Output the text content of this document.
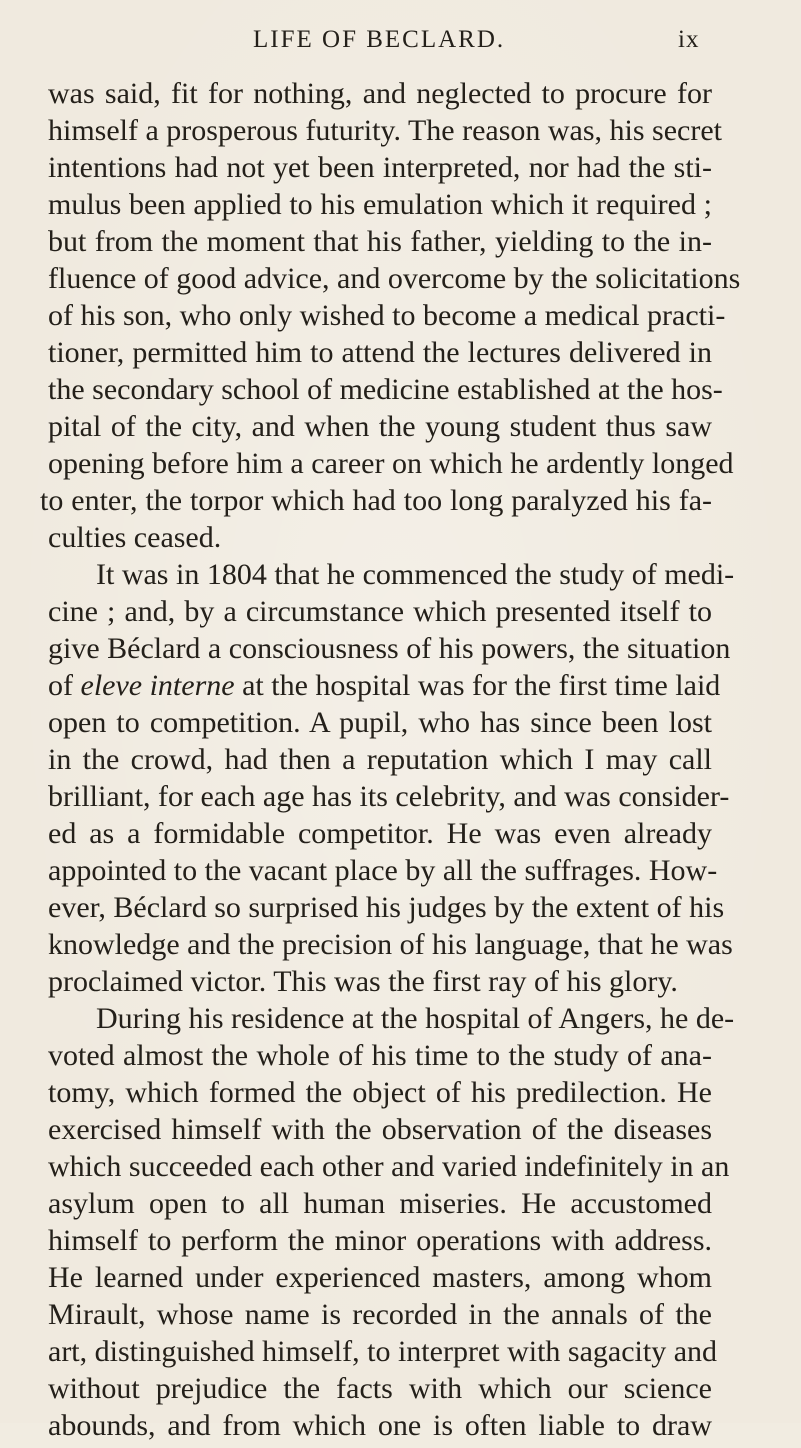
LIFE OF BECLARD.	ix
was said, fit for nothing, and neglected to procure for
himself a prosperous futurity. The reason was, his secret
intentions had not yet been interpreted, nor had the sti-
mulus been applied to his emulation which it required ;
but from the moment that his father, yielding to the in-
fluence of good advice, and overcome by the solicitations
of his son, who only wished to become a medical practi-
tioner, permitted him to attend the lectures delivered in
the secondary school of medicine established at the hos-
pital of the city, and when the young student thus saw
opening before him a career on which he ardently longed
to enter, the torpor which had too long paralyzed his fa-
culties ceased.
It was in 1804 that he commenced the study of medi-
cine ; and, by a circumstance which presented itself to
give Béclard a consciousness of his powers, the situation
of eleve interne at the hospital was for the first time laid
open to competition. A pupil, who has since been lost
in the crowd, had then a reputation which I may call
brilliant, for each age has its celebrity, and was consider-
ed as a formidable competitor. He was even already
appointed to the vacant place by all the suffrages. How-
ever, Béclard so surprised his judges by the extent of his
knowledge and the precision of his language, that he was
proclaimed victor. This was the first ray of his glory.
During his residence at the hospital of Angers, he de-
voted almost the whole of his time to the study of ana-
tomy, which formed the object of his predilection. He
exercised himself with the observation of the diseases
which succeeded each other and varied indefinitely in an
asylum open to all human miseries. He accustomed
himself to perform the minor operations with address.
He learned under experienced masters, among whom
Mirault, whose name is recorded in the annals of the
art, distinguished himself, to interpret with sagacity and
without prejudice the facts with which our science
abounds, and from which one is often liable to draw
